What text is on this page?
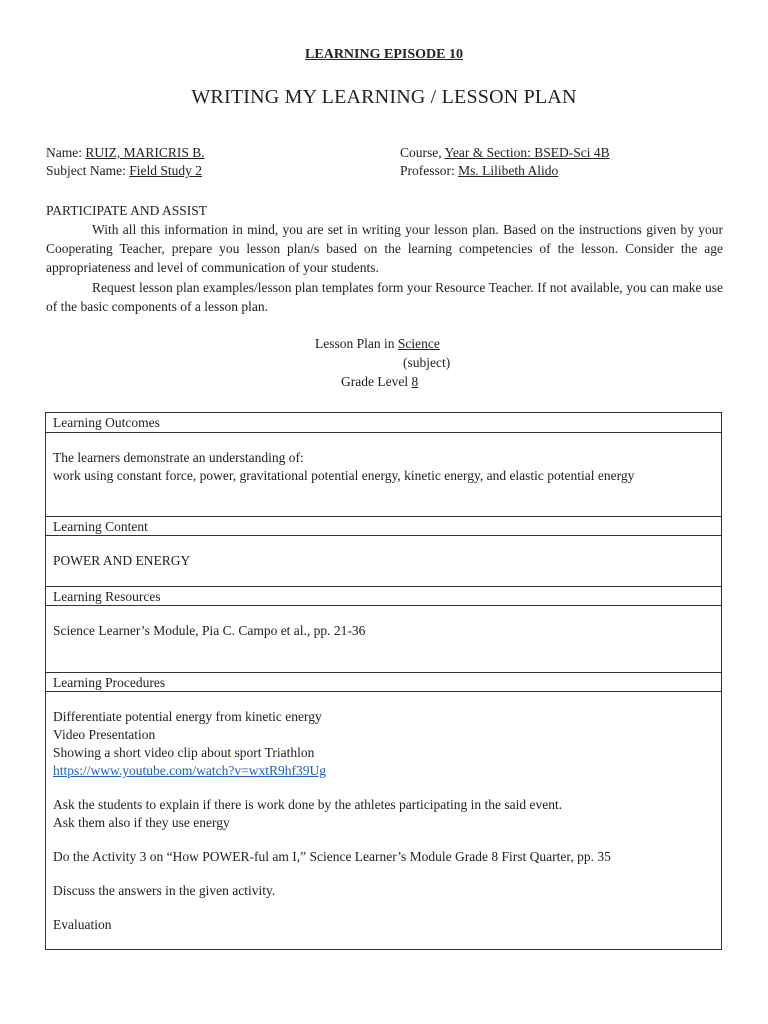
LEARNING EPISODE 10
WRITING MY LEARNING / LESSON PLAN
Name: RUIZ, MARICRIS B.
Subject Name: Field Study 2
Course, Year & Section: BSED-Sci 4B
Professor: Ms. Lilibeth Alido
PARTICIPATE AND ASSIST
With all this information in mind, you are set in writing your lesson plan. Based on the instructions given by your Cooperating Teacher, prepare you lesson plan/s based on the learning competencies of the lesson. Consider the age appropriateness and level of communication of your students.
Request lesson plan examples/lesson plan templates form your Resource Teacher. If not available, you can make use of the basic components of a lesson plan.
Lesson Plan in Science
(subject)
Grade Level 8
Learning Outcomes

The learners demonstrate an understanding of:

work using constant force, power, gravitational potential energy, kinetic energy, and elastic potential energy

Learning Content

POWER AND ENERGY

Learning Resources

Science Learner’s Module, Pia C. Campo et al., pp. 21-36

Learning Procedures

Differentiate potential energy from kinetic energy

Video Presentation

Showing a short video clip about sport Triathlon

https://www.youtube.com/watch?v=wxtR9hf39Ug

Ask the students to explain if there is work done by the athletes participating in the said event.

Ask them also if they use energy

Do the Activity 3 on “How POWER-ful am I,” Science Learner’s Module Grade 8 First Quarter, pp. 35

Discuss the answers in the given activity.

Evaluation
